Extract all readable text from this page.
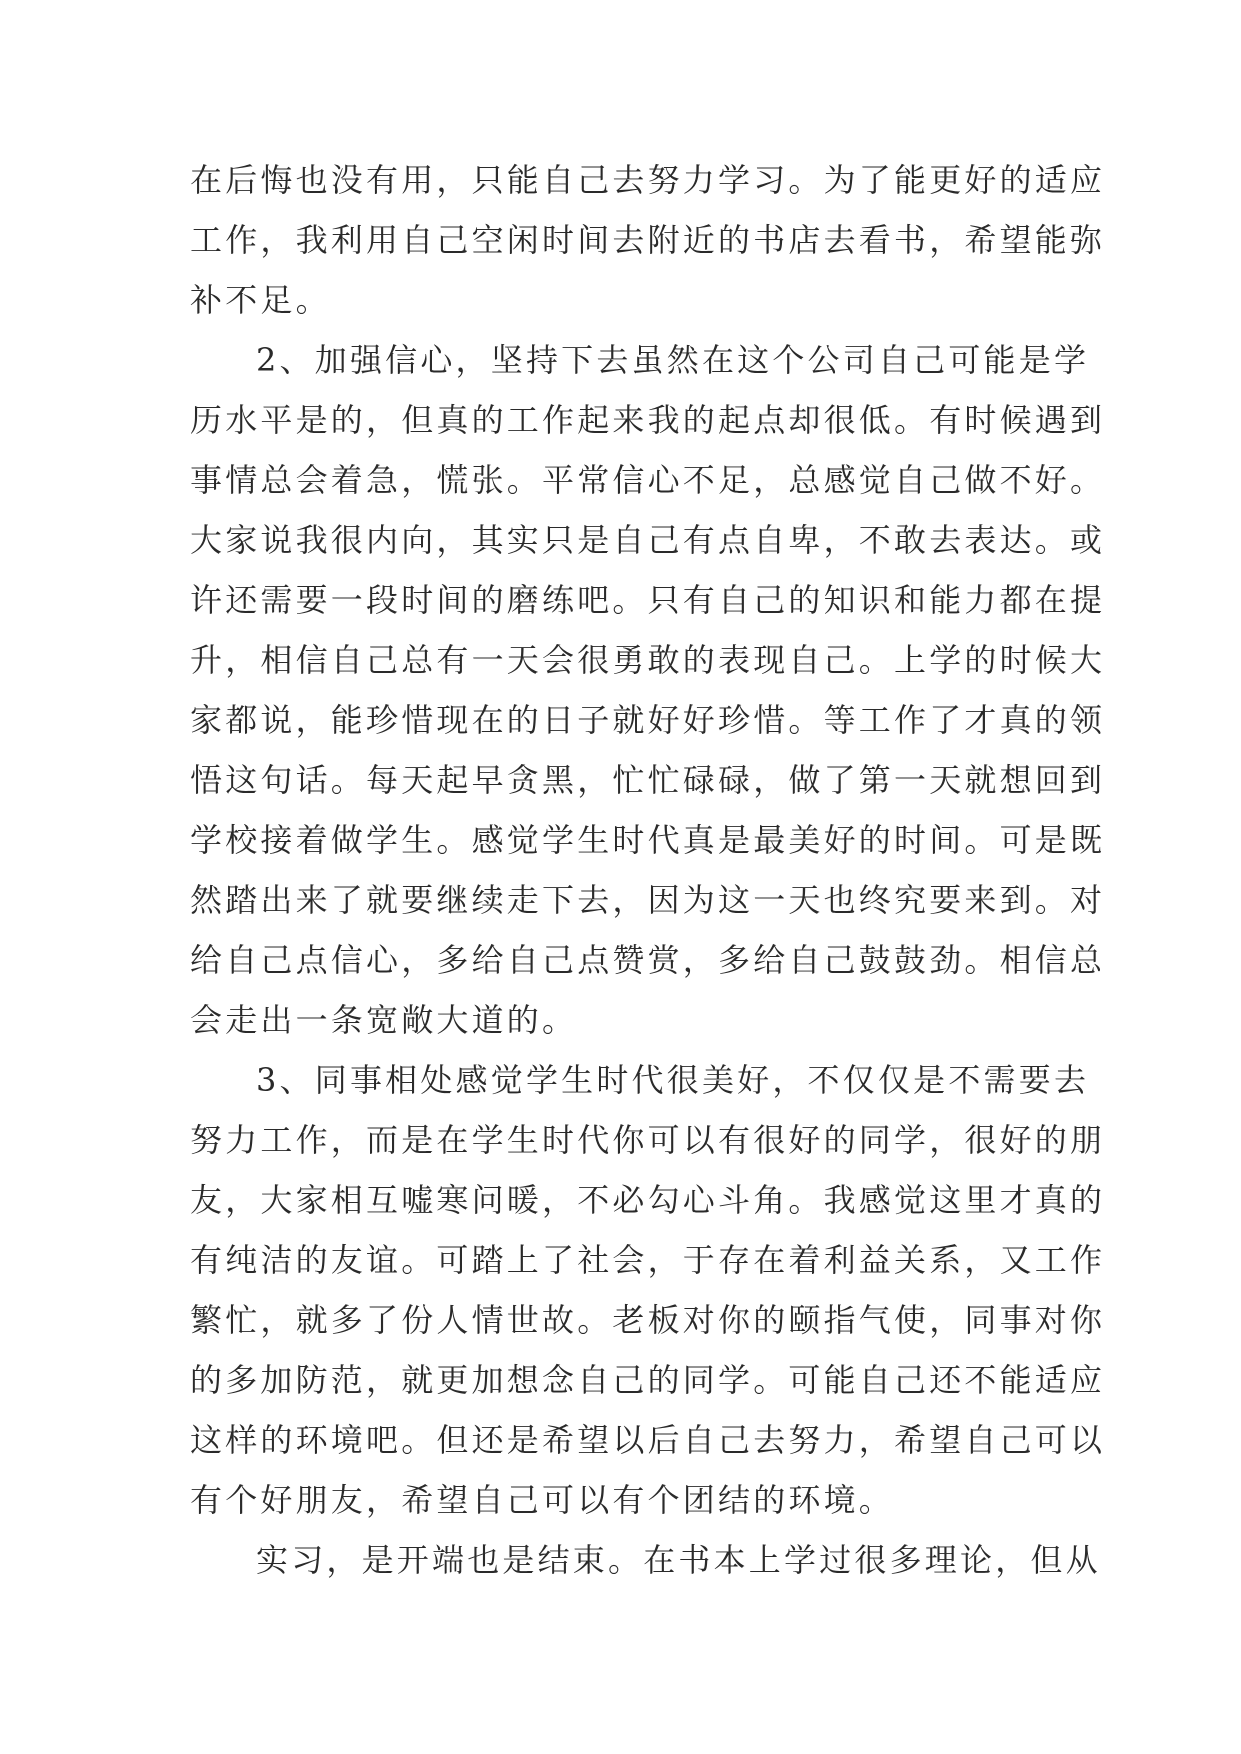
在后悔也没有用，只能自己去努力学习。为了能更好的适应
工作，我利用自己空闲时间去附近的书店去看书，希望能弥
补不足。
2、加强信心，坚持下去虽然在这个公司自己可能是学
历水平是的，但真的工作起来我的起点却很低。有时候遇到
事情总会着急，慌张。平常信心不足，总感觉自己做不好。
大家说我很内向，其实只是自己有点自卑，不敢去表达。或
许还需要一段时间的磨练吧。只有自己的知识和能力都在提
升，相信自己总有一天会很勇敢的表现自己。上学的时候大
家都说，能珍惜现在的日子就好好珍惜。等工作了才真的领
悟这句话。每天起早贪黑，忙忙碌碌，做了第一天就想回到
学校接着做学生。感觉学生时代真是最美好的时间。可是既
然踏出来了就要继续走下去，因为这一天也终究要来到。对
给自己点信心，多给自己点赞赏，多给自己鼓鼓劲。相信总
会走出一条宽敞大道的。
3、同事相处感觉学生时代很美好，不仅仅是不需要去
努力工作，而是在学生时代你可以有很好的同学，很好的朋
友，大家相互嘘寒问暖，不必勾心斗角。我感觉这里才真的
有纯洁的友谊。可踏上了社会，于存在着利益关系，又工作
繁忙，就多了份人情世故。老板对你的颐指气使，同事对你
的多加防范，就更加想念自己的同学。可能自己还不能适应
这样的环境吧。但还是希望以后自己去努力，希望自己可以
有个好朋友，希望自己可以有个团结的环境。
实习，是开端也是结束。在书本上学过很多理论，但从
